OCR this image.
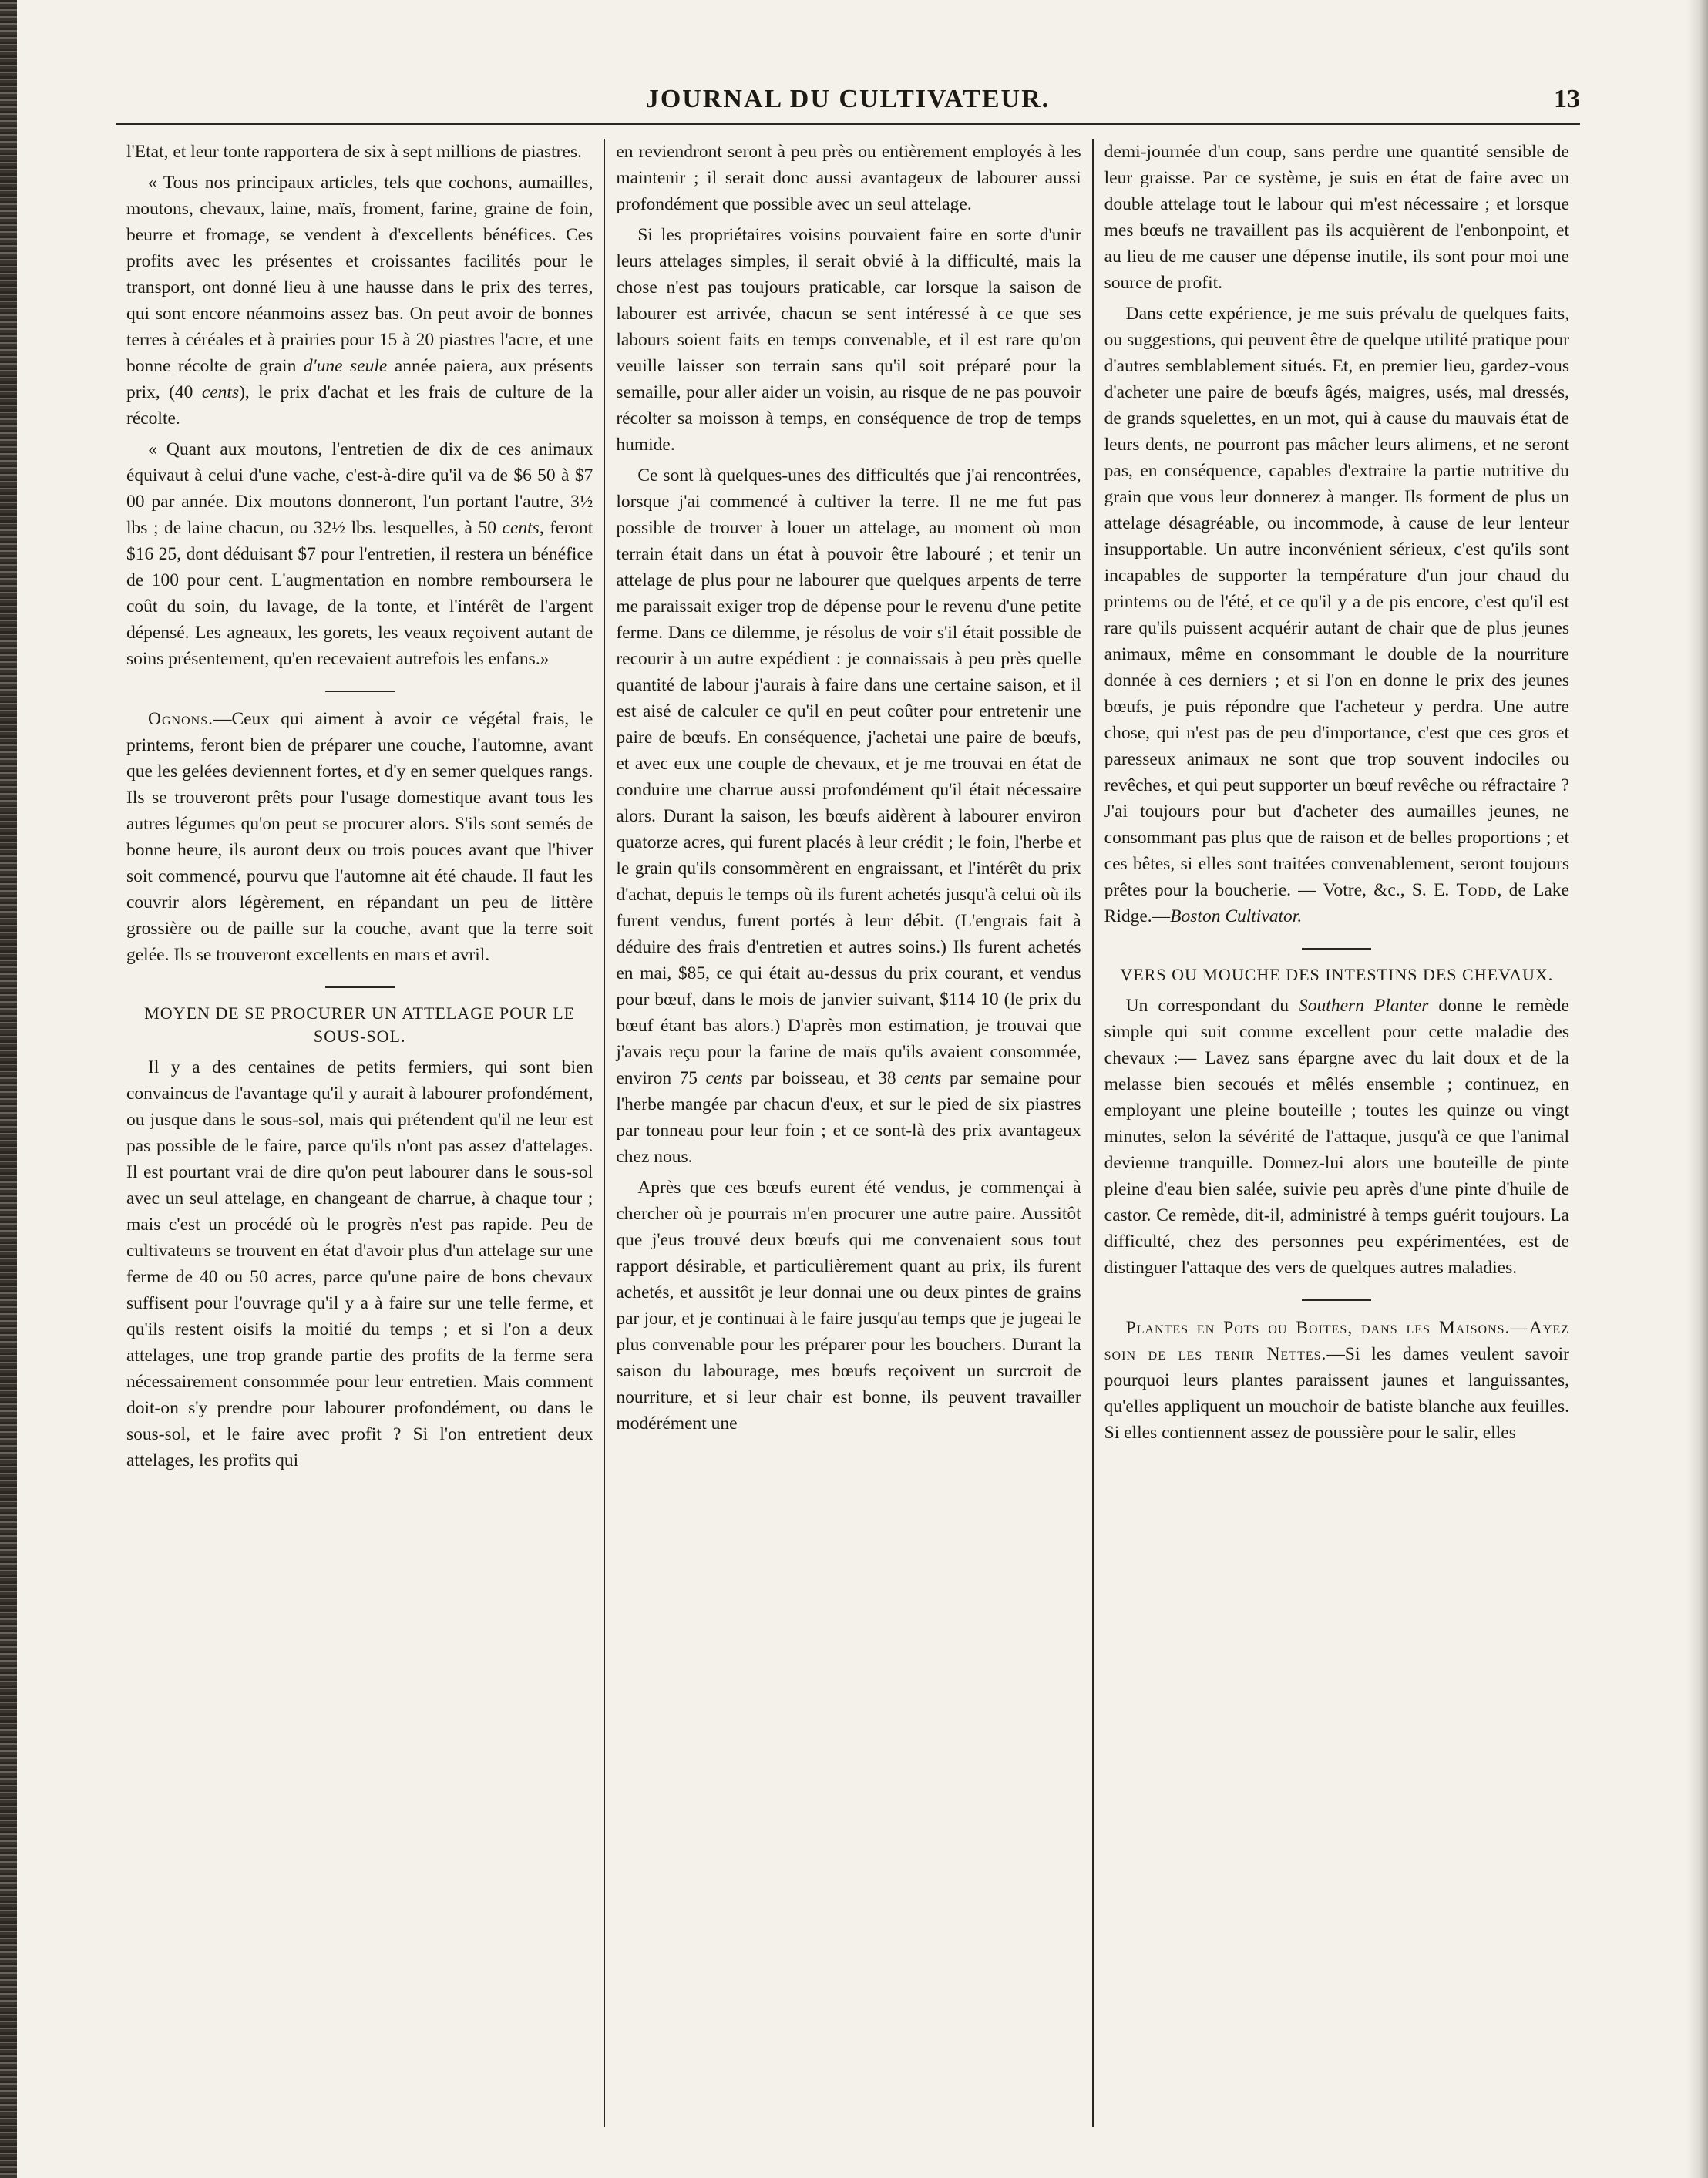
JOURNAL DU CULTIVATEUR.	13

l'Etat, et leur tonte rapportera de six à sept millions de piastres.

« Tous nos principaux articles, tels que cochons, aumailles, moutons, chevaux, laine, maïs, froment, farine, graine de foin, beurre et fromage, se vendent à d'excellents bénéfices. Ces profits avec les présentes et croissantes facilités pour le transport, ont donné lieu à une hausse dans le prix des terres, qui sont encore néanmoins assez bas. On peut avoir de bonnes terres à céréales et à prairies pour 15 à 20 piastres l'acre, et une bonne récolte de grain d'une seule année paiera, aux présents prix, (40 cents), le prix d'achat et les frais de culture de la récolte.

« Quant aux moutons, l'entretien de dix de ces animaux équivaut à celui d'une vache, c'est-à-dire qu'il va de $6 50 à $7 00 par année. Dix moutons donneront, l'un portant l'autre, 3½ lbs ; de laine chacun, ou 32½ lbs. lesquelles, à 50 cents, feront $16 25, dont déduisant $7 pour l'entretien, il restera un bénéfice de 100 pour cent. L'augmentation en nombre remboursera le coût du soin, du lavage, de la tonte, et l'intérêt de l'argent dépensé. Les agneaux, les gorets, les veaux reçoivent autant de soins présentement, qu'en recevaient autrefois les enfans.»

Ognons.—Ceux qui aiment à avoir ce végétal frais, le printems, feront bien de préparer une couche, l'automne, avant que les gelées deviennent fortes, et d'y en semer quelques rangs. Ils se trouveront prêts pour l'usage domestique avant tous les autres légumes qu'on peut se procurer alors. S'ils sont semés de bonne heure, ils auront deux ou trois pouces avant que l'hiver soit commencé, pourvu que l'automne ait été chaude. Il faut les couvrir alors légèrement, en répandant un peu de littère grossière ou de paille sur la couche, avant que la terre soit gelée. Ils se trouveront excellents en mars et avril.

MOYEN DE SE PROCURER UN ATTELAGE POUR LE SOUS-SOL.

Il y a des centaines de petits fermiers, qui sont bien convaincus de l'avantage qu'il y aurait à labourer profondément, ou jusque dans le sous-sol, mais qui prétendent qu'il ne leur est pas possible de le faire, parce qu'ils n'ont pas assez d'attelages. Il est pourtant vrai de dire qu'on peut labourer dans le sous-sol avec un seul attelage, en changeant de charrue, à chaque tour ; mais c'est un procédé où le progrès n'est pas rapide. Peu de cultivateurs se trouvent en état d'avoir plus d'un attelage sur une ferme de 40 ou 50 acres, parce qu'une paire de bons chevaux suffisent pour l'ouvrage qu'il y a à faire sur une telle ferme, et qu'ils restent oisifs la moitié du temps ; et si l'on a deux attelages, une trop grande partie des profits de la ferme sera nécessairement consommée pour leur entretien. Mais comment doit-on s'y prendre pour labourer profondément, ou dans le sous-sol, et le faire avec profit ? Si l'on entretient deux attelages, les profits qui

en reviendront seront à peu près ou entièrement employés à les maintenir ; il serait donc aussi avantageux de labourer aussi profondément que possible avec un seul attelage.

Si les propriétaires voisins pouvaient faire en sorte d'unir leurs attelages simples, il serait obvié à la difficulté, mais la chose n'est pas toujours praticable, car lorsque la saison de labourer est arrivée, chacun se sent intéressé à ce que ses labours soient faits en temps convenable, et il est rare qu'on veuille laisser son terrain sans qu'il soit préparé pour la semaille, pour aller aider un voisin, au risque de ne pas pouvoir récolter sa moisson à temps, en conséquence de trop de temps humide.

Ce sont là quelques-unes des difficultés que j'ai rencontrées, lorsque j'ai commencé à cultiver la terre. Il ne me fut pas possible de trouver à louer un attelage, au moment où mon terrain était dans un état à pouvoir être labouré ; et tenir un attelage de plus pour ne labourer que quelques arpents de terre me paraissait exiger trop de dépense pour le revenu d'une petite ferme. Dans ce dilemme, je résolus de voir s'il était possible de recourir à un autre expédient : je connaissais à peu près quelle quantité de labour j'aurais à faire dans une certaine saison, et il est aisé de calculer ce qu'il en peut coûter pour entretenir une paire de bœufs. En conséquence, j'achetai une paire de bœufs, et avec eux une couple de chevaux, et je me trouvai en état de conduire une charrue aussi profondément qu'il était nécessaire alors. Durant la saison, les bœufs aidèrent à labourer environ quatorze acres, qui furent placés à leur crédit ; le foin, l'herbe et le grain qu'ils consommèrent en engraissant, et l'intérêt du prix d'achat, depuis le temps où ils furent achetés jusqu'à celui où ils furent vendus, furent portés à leur débit. (L'engrais fait à déduire des frais d'entretien et autres soins.) Ils furent achetés en mai, $85, ce qui était au-dessus du prix courant, et vendus pour bœuf, dans le mois de janvier suivant, $114 10 (le prix du bœuf étant bas alors.) D'après mon estimation, je trouvai que j'avais reçu pour la farine de maïs qu'ils avaient consommée, environ 75 cents par boisseau, et 38 cents par semaine pour l'herbe mangée par chacun d'eux, et sur le pied de six piastres par tonneau pour leur foin ; et ce sont-là des prix avantageux chez nous.

Après que ces bœufs eurent été vendus, je commençai à chercher où je pourrais m'en procurer une autre paire. Aussitôt que j'eus trouvé deux bœufs qui me convenaient sous tout rapport désirable, et particulièrement quant au prix, ils furent achetés, et aussitôt je leur donnai une ou deux pintes de grains par jour, et je continuai à le faire jusqu'au temps que je jugeai le plus convenable pour les préparer pour les bouchers. Durant la saison du labourage, mes bœufs reçoivent un surcroit de nourriture, et si leur chair est bonne, ils peuvent travailler modérément une

demi-journée d'un coup, sans perdre une quantité sensible de leur graisse. Par ce système, je suis en état de faire avec un double attelage tout le labour qui m'est nécessaire ; et lorsque mes bœufs ne travaillent pas ils acquièrent de l'enbonpoint, et au lieu de me causer une dépense inutile, ils sont pour moi une source de profit.

Dans cette expérience, je me suis prévalu de quelques faits, ou suggestions, qui peuvent être de quelque utilité pratique pour d'autres semblablement situés. Et, en premier lieu, gardez-vous d'acheter une paire de bœufs âgés, maigres, usés, mal dressés, de grands squelettes, en un mot, qui à cause du mauvais état de leurs dents, ne pourront pas mâcher leurs alimens, et ne seront pas, en conséquence, capables d'extraire la partie nutritive du grain que vous leur donnerez à manger. Ils forment de plus un attelage désagréable, ou incommode, à cause de leur lenteur insupportable. Un autre inconvénient sérieux, c'est qu'ils sont incapables de supporter la température d'un jour chaud du printems ou de l'été, et ce qu'il y a de pis encore, c'est qu'il est rare qu'ils puissent acquérir autant de chair que de plus jeunes animaux, même en consommant le double de la nourriture donnée à ces derniers ; et si l'on en donne le prix des jeunes bœufs, je puis répondre que l'acheteur y perdra. Une autre chose, qui n'est pas de peu d'importance, c'est que ces gros et paresseux animaux ne sont que trop souvent indociles ou revêches, et qui peut supporter un bœuf revêche ou réfractaire ? J'ai toujours pour but d'acheter des aumailles jeunes, ne consommant pas plus que de raison et de belles proportions ; et ces bêtes, si elles sont traitées convenablement, seront toujours prêtes pour la boucherie. — Votre, &c., S. E. Todd, de Lake Ridge.—Boston Cultivator.

VERS OU MOUCHE DES INTESTINS DES CHEVAUX.

Un correspondant du Southern Planter donne le remède simple qui suit comme excellent pour cette maladie des chevaux :— Lavez sans épargne avec du lait doux et de la melasse bien secoués et mêlés ensemble ; continuez, en employant une pleine bouteille ; toutes les quinze ou vingt minutes, selon la sévérité de l'attaque, jusqu'à ce que l'animal devienne tranquille. Donnez-lui alors une bouteille de pinte pleine d'eau bien salée, suivie peu après d'une pinte d'huile de castor. Ce remède, dit-il, administré à temps guérit toujours. La difficulté, chez des personnes peu expérimentées, est de distinguer l'attaque des vers de quelques autres maladies.

Plantes en Pots ou Boites, dans les Maisons.—Ayez soin de les tenir Nettes.—Si les dames veulent savoir pourquoi leurs plantes paraissent jaunes et languissantes, qu'elles appliquent un mouchoir de batiste blanche aux feuilles. Si elles contiennent assez de poussière pour le salir, elles
